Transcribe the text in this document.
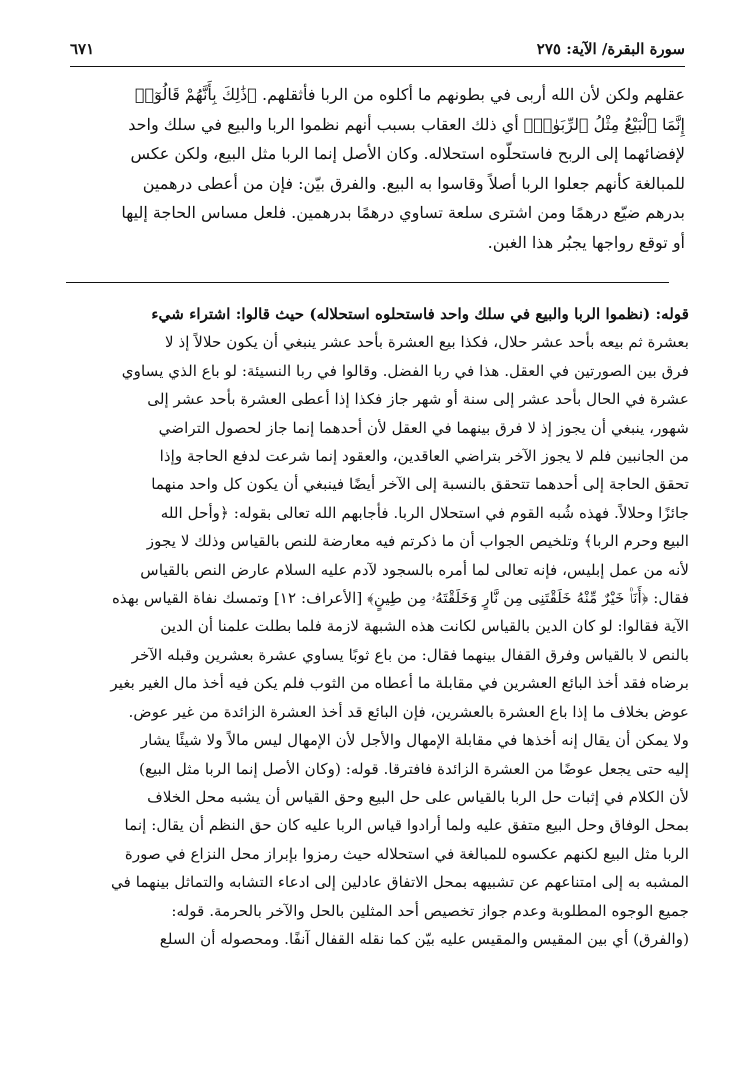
سورة البقرة/ الآية: ٢٧٥
٦٧١

عقلهم ولكن لأن الله أربى في بطونهم ما أكلوه من الربا فأثقلهم. ﴿ذَٰلِكَ بِأَنَّهُمْ قَالُوٓا۟
إِنَّمَا ٱلْبَيْعُ مِثْلُ ٱلرِّبَوٰا۟﴾ أي ذلك العقاب بسبب أنهم نظموا الربا والبيع في سلك واحد
لإفضائهما إلى الربح فاستحلّوه استحلاله. وكان الأصل إنما الربا مثل البيع، ولكن عكس
للمبالغة كأنهم جعلوا الربا أصلاً وقاسوا به البيع. والفرق بيّن: فإن من أعطى درهمين
بدرهم ضيّع درهمًا ومن اشترى سلعة تساوي درهمًا بدرهمين. فلعل مساس الحاجة إليها
أو توقع رواجها يجبُر هذا الغبن.

قوله: (نظموا الربا والبيع في سلك واحد فاستحلوه استحلاله) حيث قالوا: اشتراء شيء
بعشرة ثم بيعه بأحد عشر حلال، فكذا بيع العشرة بأحد عشر ينبغي أن يكون حلالاً إذ لا
فرق بين الصورتين في العقل. هذا في ربا الفضل. وقالوا في ربا النسيئة: لو باع الذي يساوي
عشرة في الحال بأحد عشر إلى سنة أو شهر جاز فكذا إذا أعطى العشرة بأحد عشر إلى
شهور، ينبغي أن يجوز إذ لا فرق بينهما في العقل لأن أحدهما إنما جاز لحصول التراضي
من الجانبين فلم لا يجوز الآخر بتراضي العاقدين، والعقود إنما شرعت لدفع الحاجة وإذا
تحقق الحاجة إلى أحدهما تتحقق بالنسبة إلى الآخر أيضًا فينبغي أن يكون كل واحد منهما
جائزًا وحلالاً. فهذه شُبه القوم في استحلال الربا. فأجابهم الله تعالى بقوله: ﴿وأحل الله
البيع وحرم الربا﴾ وتلخيص الجواب أن ما ذكرتم فيه معارضة للنص بالقياس وذلك لا يجوز
لأنه من عمل إبليس، فإنه تعالى لما أمره بالسجود لآدم عليه السلام عارض النص بالقياس
فقال: ﴿أَنَا۠ خَيْرٌ مِّنْهُ خَلَقْتَنِى مِن نَّارٍ وَخَلَقْتَهُۥ مِن طِينٍ﴾ [الأعراف: ١٢] وتمسك نفاة القياس بهذه
الآية فقالوا: لو كان الدين بالقياس لكانت هذه الشبهة لازمة فلما بطلت علمنا أن الدين
بالنص لا بالقياس وفرق القفال بينهما فقال: من باع ثوبًا يساوي عشرة بعشرين وقبله الآخر
برضاه فقد أخذ البائع العشرين في مقابلة ما أعطاه من الثوب فلم يكن فيه أخذ مال الغير بغير
عوض بخلاف ما إذا باع العشرة بالعشرين، فإن البائع قد أخذ العشرة الزائدة من غير عوض.
ولا يمكن أن يقال إنه أخذها في مقابلة الإمهال والأجل لأن الإمهال ليس مالاً ولا شيئًا يشار
إليه حتى يجعل عوضًا من العشرة الزائدة فافترقا. قوله: (وكان الأصل إنما الربا مثل البيع)
لأن الكلام في إثبات حل الربا بالقياس على حل البيع وحق القياس أن يشبه محل الخلاف
بمحل الوفاق وحل البيع متفق عليه ولما أرادوا قياس الربا عليه كان حق النظم أن يقال: إنما
الربا مثل البيع لكنهم عكسوه للمبالغة في استحلاله حيث رمزوا بإبراز محل النزاع في صورة
المشبه به إلى امتناعهم عن تشبيهه بمحل الاتفاق عادلين إلى ادعاء التشابه والتماثل بينهما في
جميع الوجوه المطلوبة وعدم جواز تخصيص أحد المثلين بالحل والآخر بالحرمة. قوله:
(والفرق) أي بين المقيس والمقيس عليه بيّن كما نقله القفال آنفًا. ومحصوله أن السلع
